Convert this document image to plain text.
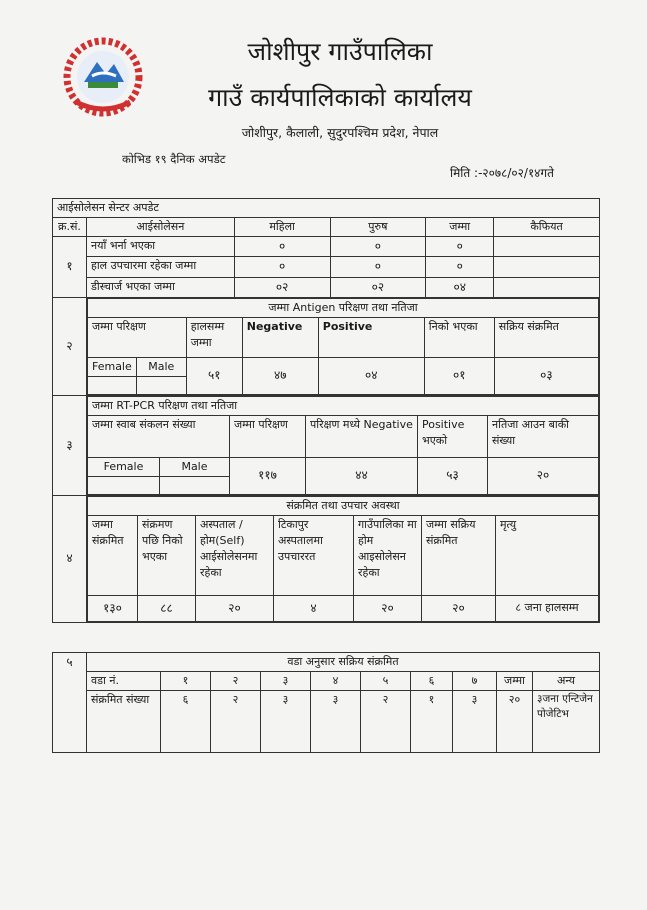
जोशीपुर गाउँपालिका
गाउँ कार्यपालिकाको कार्यालय
जोशीपुर, कैलाली, सुदुरपश्चिम प्रदेश, नेपाल
कोभिड १९ दैनिक अपडेट
मिति :-२०७८/०२/१४गते
आईसोलेसन सेन्टर अपडेट
क्र.सं.	आईसोलेसन	महिला	पुरुष	जम्मा	कैफियत
१	नयाँ भर्ना भएका	०	०	०	
हाल उपचारमा रहेका जम्मा	०	०	०	
डीस्चार्ज भएका जम्मा	०२	०२	०४	
२	
जम्मा Antigen परिक्षण तथा नतिजा
जम्मा परिक्षण	हालसम्म जम्मा	Negative	Positive	निको भएका	सक्रिय संक्रमित
Female	Male	५१	४७	०४	०१	०३

३	
जम्मा RT-PCR परिक्षण तथा नतिजा
जम्मा स्वाब संकलन संख्या	जम्मा परिक्षण	परिक्षण मध्ये Negative	Positive भएको	नतिजा आउन बाकी संख्या
Female	Male	११७	४४	५३	२०

४	
संक्रमित तथा उपचार अवस्था
जम्मा संक्रमित	संक्रमण पछि निको भएका	अस्पताल /होम(Self) आईसोलेसनमा रहेका	टिकापुर अस्पतालमा उपचाररत	गाउँपालिका मा होम आइसोलेसन रहेका	जम्मा सक्रिय संक्रमित	मृत्यु
१३०	८८	२०	४	२०	२०	८ जना हालसम्म
५	वडा अनुसार सक्रिय संक्रमित									
	वडा नं.	१	२	३	४	५	६	७	जम्मा	अन्य
	संक्रमित संख्या	६	२	३	३	२	१	३	२०	३जना एन्टिजेन पोजेटिभ
